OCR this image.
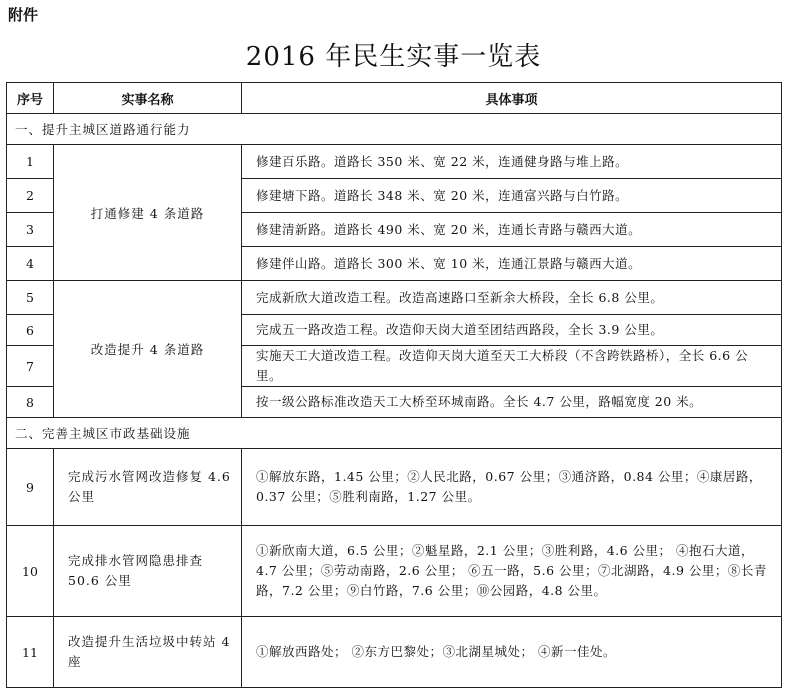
附件
2016 年民生实事一览表
序号	实事名称	具体事项
一、提升主城区道路通行能力		
1	打通修建 4 条道路	修建百乐路。道路长 350 米、宽 22 米，连通健身路与堆上路。
2		修建塘下路。道路长 348 米、宽 20 米，连通富兴路与白竹路。
3		修建清新路。道路长 490 米、宽 20 米，连通长青路与赣西大道。
4		修建伴山路。道路长 300 米、宽 10 米，连通江景路与赣西大道。
5	改造提升 4 条道路	完成新欣大道改造工程。改造高速路口至新余大桥段，全长 6.8 公里。
6		完成五一路改造工程。改造仰天岗大道至团结西路段，全长 3.9 公里。
7		实施天工大道改造工程。改造仰天岗大道至天工大桥段（不含跨铁路桥），全长 6.6 公里。
8		按一级公路标准改造天工大桥至环城南路。全长 4.7 公里，路幅宽度 20 米。
二、完善主城区市政基础设施		
9	完成污水管网改造修复 4.6 公里	①解放东路，1.45 公里；②人民北路，0.67 公里；③通济路，0.84 公里；④康居路，0.37 公里；⑤胜利南路，1.27 公里。
10	完成排水管网隐患排查 50.6 公里	①新欣南大道，6.5 公里；②魁星路，2.1 公里；③胜利路，4.6 公里； ④抱石大道，4.7 公里；⑤劳动南路，2.6 公里； ⑥五一路，5.6 公里；⑦北湖路，4.9 公里；⑧长青路，7.2 公里；⑨白竹路，7.6 公里；⑩公园路，4.8 公里。
11	改造提升生活垃圾中转站 4 座	①解放西路处； ②东方巴黎处；③北湖星城处； ④新一佳处。
